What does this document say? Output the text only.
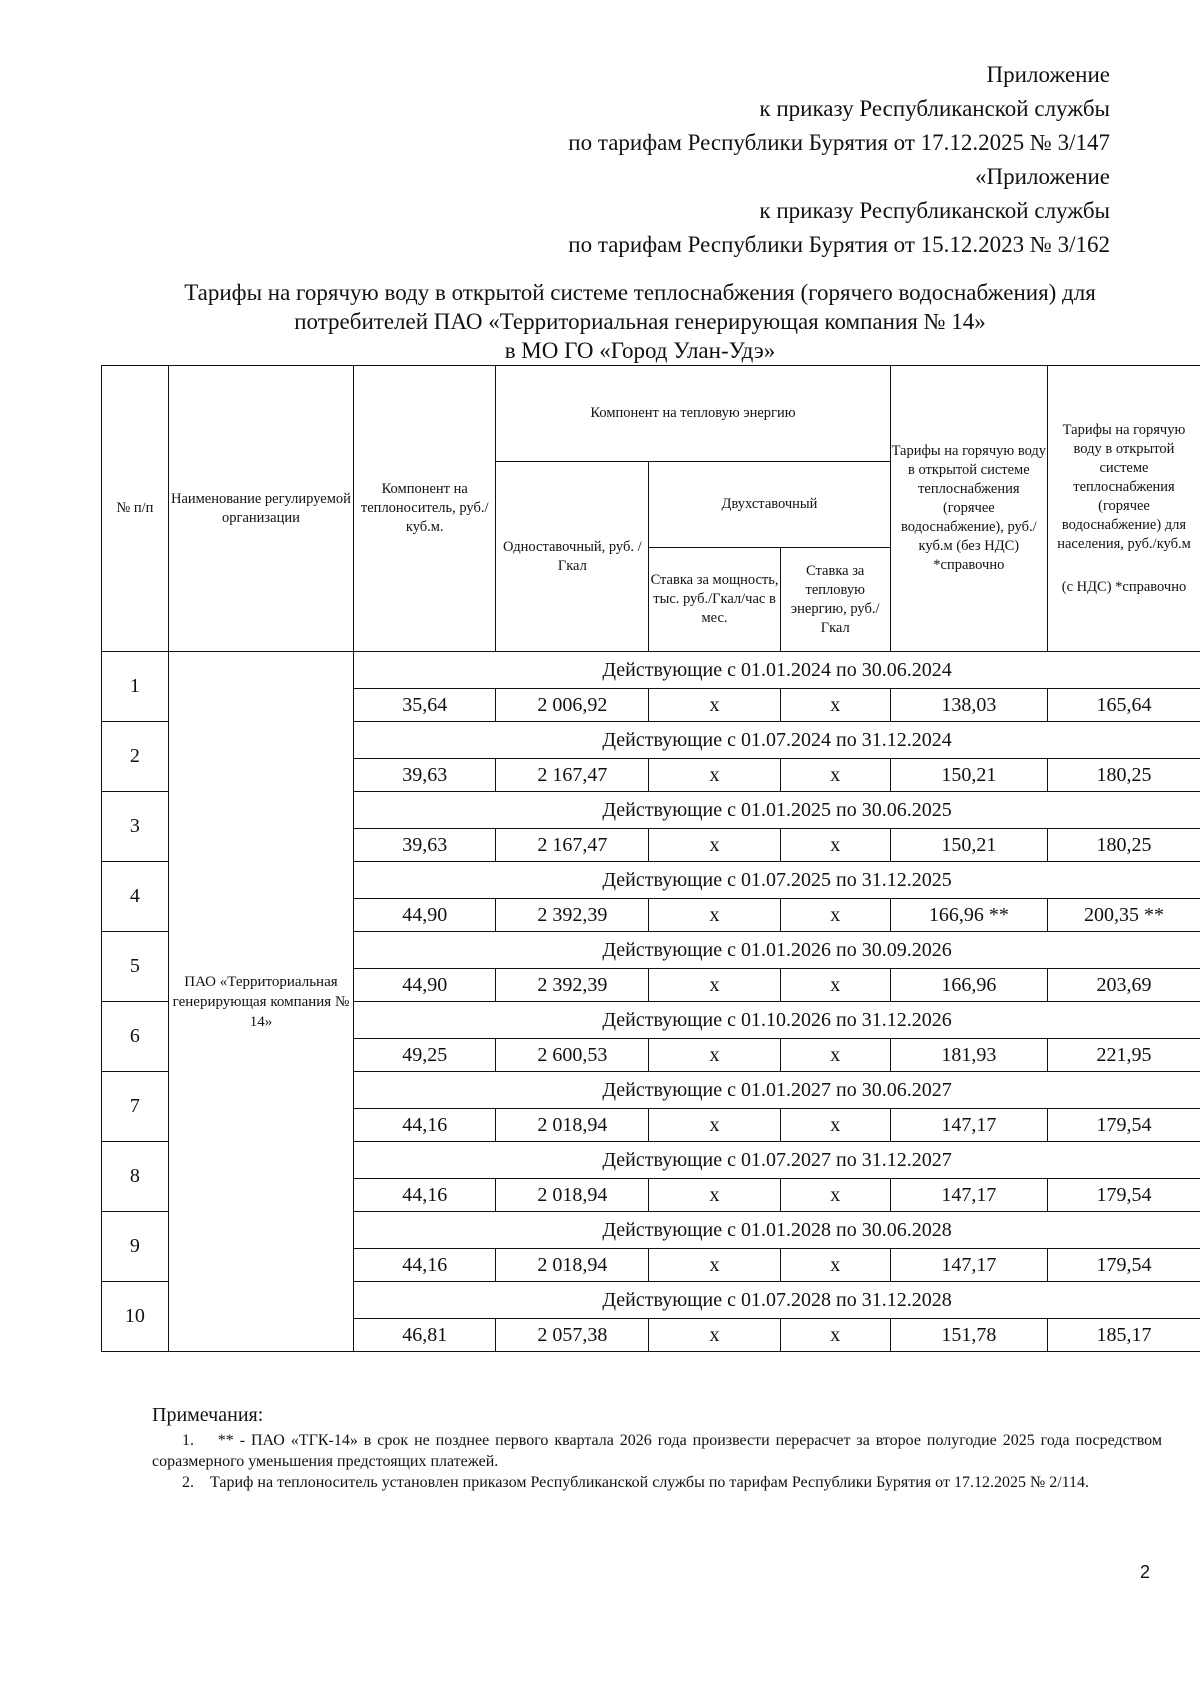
Приложение
к приказу Республиканской службы
по тарифам Республики Бурятия от 17.12.2025 № 3/147
«Приложение
к приказу Республиканской службы
по тарифам Республики Бурятия от 15.12.2023 № 3/162
Тарифы на горячую воду в открытой системе теплоснабжения (горячего водоснабжения) для
потребителей ПАО «Территориальная генерирующая компания № 14»
в МО ГО «Город Улан-Удэ»
№ п/п	Наименование регулируемой организации	Компонент на теплоноситель, руб./ куб.м.	Компонент на тепловую энергию			Тарифы на горячую воду в открытой системе теплоснабжения (горячее водоснабжение), руб./куб.м (без НДС) *справочно	Тарифы на горячую воду в открытой системе теплоснабжения (горячее водоснабжение) для населения, руб./куб.м
(с НДС) *справочно

			Одноставочный, руб. /Гкал	Двухставочный			
				Ставка за мощность, тыс. руб./Гкал/час в мес.	Ставка за тепловую энергию, руб./Гкал		
1	ПАО «Территориальная генерирующая компания № 14»	Действующие с 01.01.2024 по 30.06.2024					
		35,64	2 006,92	х	х	138,03	165,64
2		Действующие с 01.07.2024 по 31.12.2024					
		39,63	2 167,47	х	х	150,21	180,25
3		Действующие с 01.01.2025 по 30.06.2025					
		39,63	2 167,47	х	х	150,21	180,25
4		Действующие с 01.07.2025 по 31.12.2025					
		44,90	2 392,39	х	х	166,96 **	200,35 **
5		Действующие с 01.01.2026 по 30.09.2026					
		44,90	2 392,39	х	х	166,96	203,69
6		Действующие с 01.10.2026 по 31.12.2026					
		49,25	2 600,53	х	х	181,93	221,95
7		Действующие с 01.01.2027 по 30.06.2027					
		44,16	2 018,94	х	х	147,17	179,54
8		Действующие с 01.07.2027 по 31.12.2027					
		44,16	2 018,94	х	х	147,17	179,54
9		Действующие с 01.01.2028 по 30.06.2028					
		44,16	2 018,94	х	х	147,17	179,54
10		Действующие с 01.07.2028 по 31.12.2028					
		46,81	2 057,38	х	х	151,78	185,17
Примечания:
1.    ** - ПАО «ТГК-14» в срок не позднее первого квартала 2026 года произвести перерасчет за второе полугодие 2025 года посредством соразмерного уменьшения предстоящих платежей.
2.    Тариф на теплоноситель установлен приказом Республиканской службы по тарифам Республики Бурятия от 17.12.2025 № 2/114.
2
